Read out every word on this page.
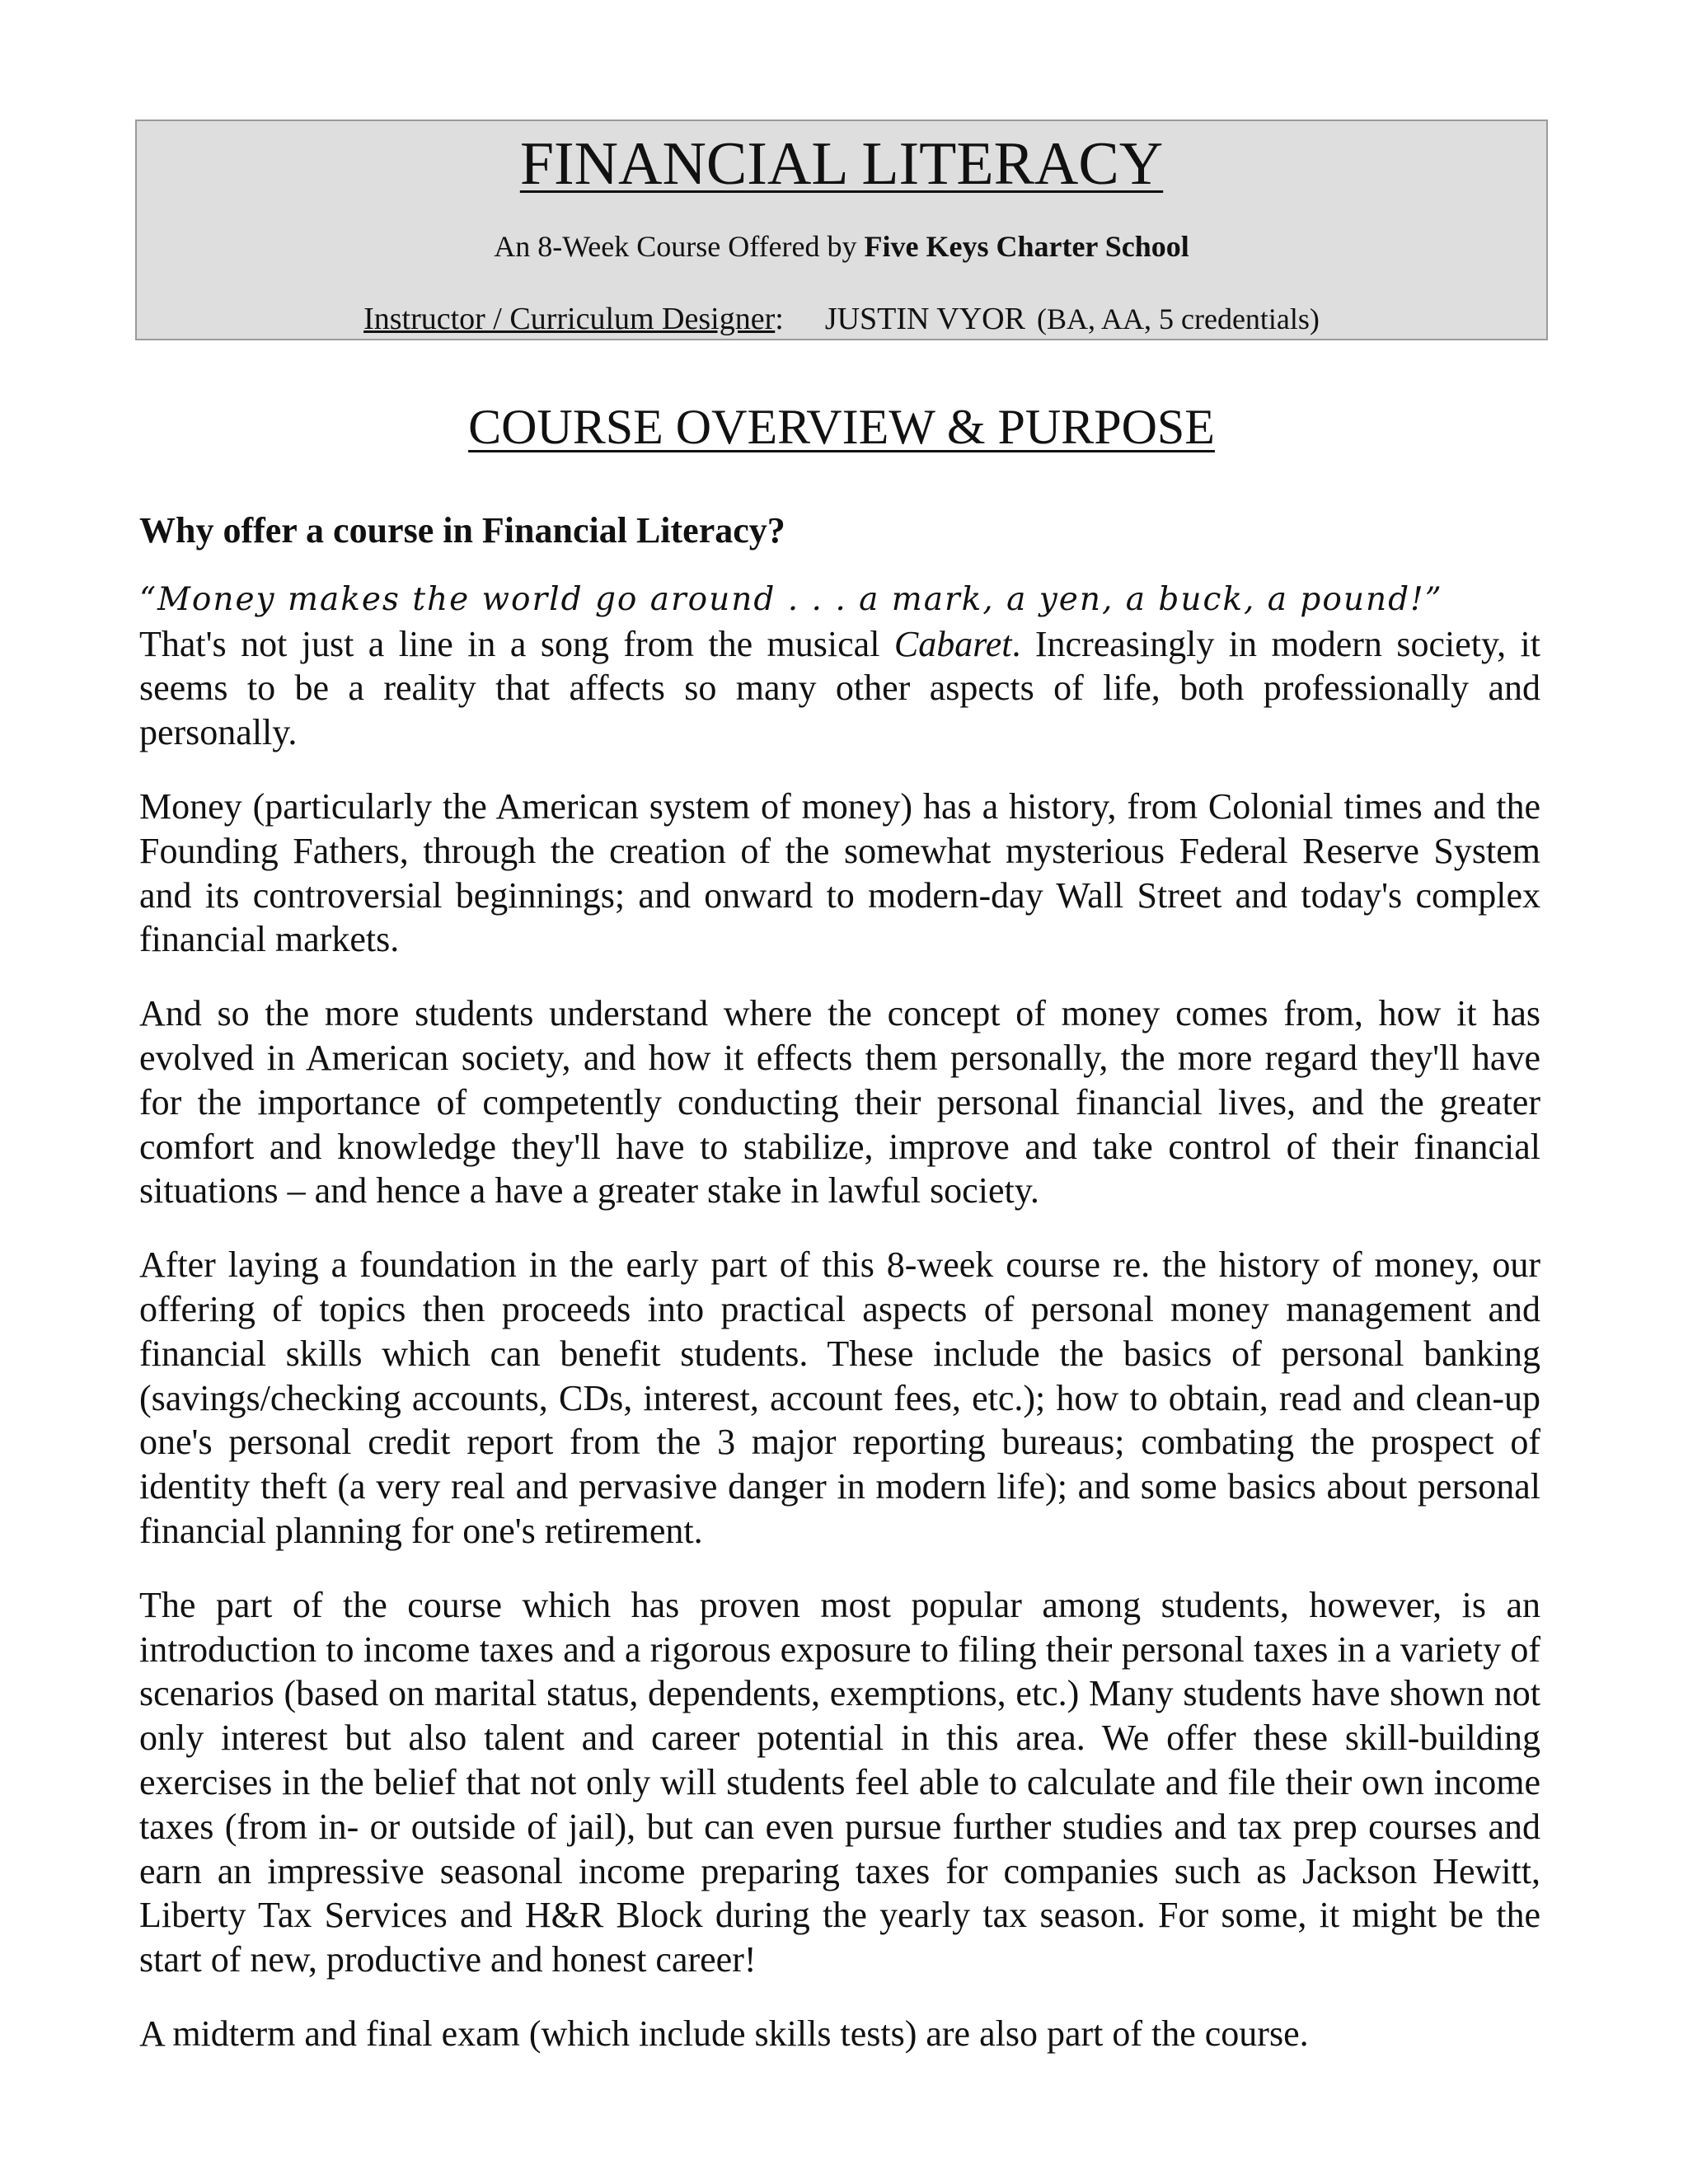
FINANCIAL LITERACY
An 8-Week Course Offered by Five Keys Charter School
Instructor / Curriculum Designer: JUSTIN VYOR (BA, AA, 5 credentials)
COURSE OVERVIEW & PURPOSE

Why offer a course in Financial Literacy?

“Money makes the world go around . . . a mark, a yen, a buck, a pound!”

That's not just a line in a song from the musical Cabaret. Increasingly in modern society, it seems to be a reality that affects so many other aspects of life, both professionally and personally.

Money (particularly the American system of money) has a history, from Colonial times and the Founding Fathers, through the creation of the somewhat mysterious Federal Reserve System and its controversial beginnings; and onward to modern-day Wall Street and today's complex financial markets.

And so the more students understand where the concept of money comes from, how it has evolved in American society, and how it effects them personally, the more regard they'll have for the importance of competently conducting their personal financial lives, and the greater comfort and knowledge they'll have to stabilize, improve and take control of their financial situations – and hence a have a greater stake in lawful society.

After laying a foundation in the early part of this 8-week course re. the history of money, our offering of topics then proceeds into practical aspects of personal money management and financial skills which can benefit students. These include the basics of personal banking (savings/checking accounts, CDs, interest, account fees, etc.); how to obtain, read and clean-up one's personal credit report from the 3 major reporting bureaus; combating the prospect of identity theft (a very real and pervasive danger in modern life); and some basics about personal financial planning for one's retirement.

The part of the course which has proven most popular among students, however, is an introduction to income taxes and a rigorous exposure to filing their personal taxes in a variety of scenarios (based on marital status, dependents, exemptions, etc.) Many students have shown not only interest but also talent and career potential in this area. We offer these skill-building exercises in the belief that not only will students feel able to calculate and file their own income taxes (from in- or outside of jail), but can even pursue further studies and tax prep courses and earn an impressive seasonal income preparing taxes for companies such as Jackson Hewitt, Liberty Tax Services and H&R Block during the yearly tax season. For some, it might be the start of new, productive and honest career!

A midterm and final exam (which include skills tests) are also part of the course.
